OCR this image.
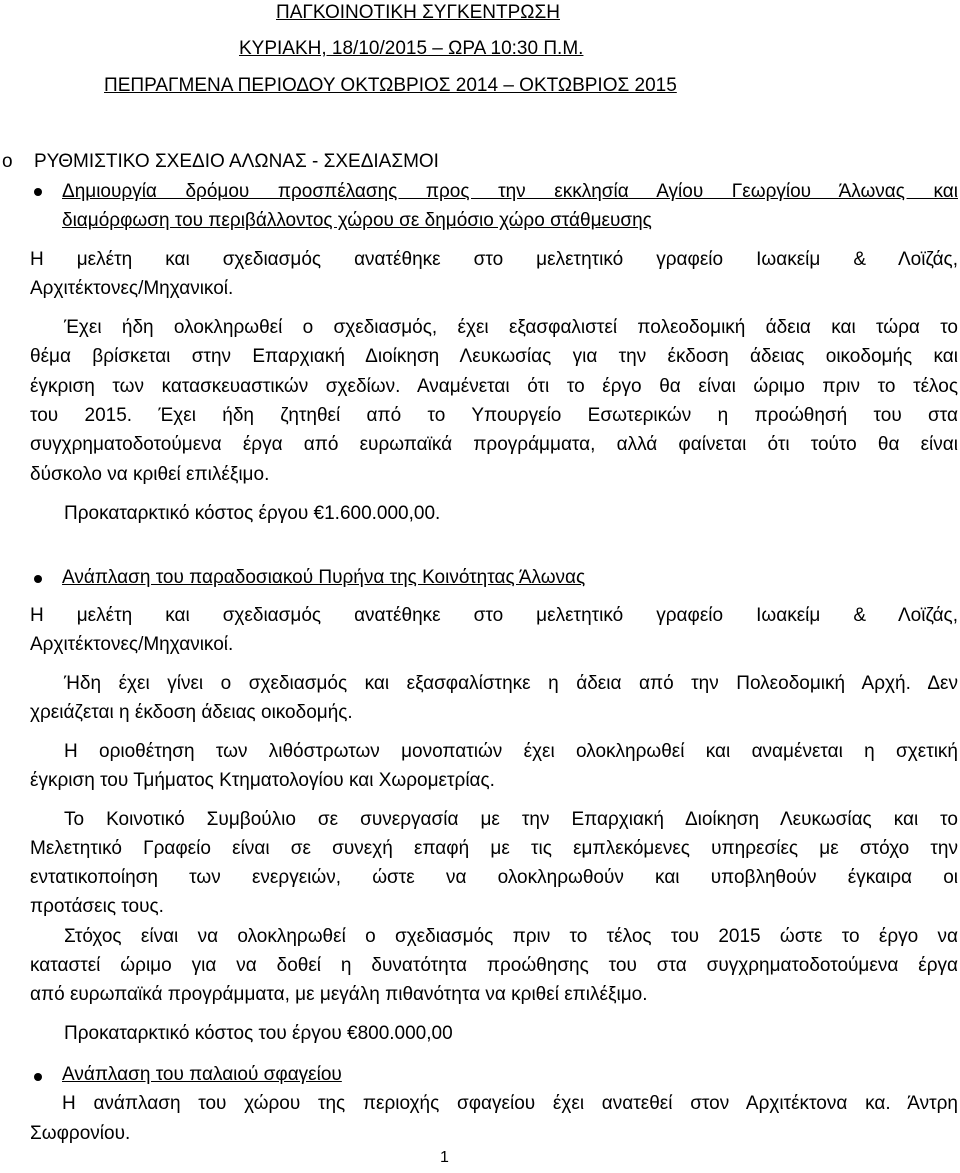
ΠΑΓΚΟΙΝΟΤΙΚΗ ΣΥΓΚΕΝΤΡΩΣΗ
ΚΥΡΙΑΚΗ, 18/10/2015 – ΩΡΑ 10:30 Π.Μ.
ΠΕΠΡΑΓΜΕΝΑ ΠΕΡΙΟΔΟΥ ΟΚΤΩΒΡΙΟΣ 2014 – ΟΚΤΩΒΡΙΟΣ 2015
o ΡΥΘΜΙΣΤΙΚΟ ΣΧΕΔΙΟ ΑΛΩΝΑΣ - ΣΧΕΔΙΑΣΜΟΙ
Δημιουργία δρόμου προσπέλασης προς την εκκλησία Αγίου Γεωργίου Άλωνας και
διαμόρφωση του περιβάλλοντος χώρου σε δημόσιο χώρο στάθμευσης
Η μελέτη και σχεδιασμός ανατέθηκε στο μελετητικό γραφείο Ιωακείμ & Λοϊζάς,
Αρχιτέκτονες/Μηχανικοί.
Έχει ήδη ολοκληρωθεί ο σχεδιασμός, έχει εξασφαλιστεί πολεοδομική άδεια και τώρα το
θέμα βρίσκεται στην Επαρχιακή Διοίκηση Λευκωσίας για την έκδοση άδειας οικοδομής και
έγκριση των κατασκευαστικών σχεδίων. Αναμένεται ότι το έργο θα είναι ώριμο πριν το τέλος
του 2015. Έχει ήδη ζητηθεί από το Υπουργείο Εσωτερικών η προώθησή του στα
συγχρηματοδοτούμενα έργα από ευρωπαϊκά προγράμματα, αλλά φαίνεται ότι τούτο θα είναι
δύσκολο να κριθεί επιλέξιμο.
Προκαταρκτικό κόστος έργου €1.600.000,00.
Ανάπλαση του παραδοσιακού Πυρήνα της Κοινότητας Άλωνας
Η μελέτη και σχεδιασμός ανατέθηκε στο μελετητικό γραφείο Ιωακείμ & Λοϊζάς,
Αρχιτέκτονες/Μηχανικοί.
Ήδη έχει γίνει ο σχεδιασμός και εξασφαλίστηκε η άδεια από την Πολεοδομική Αρχή. Δεν
χρειάζεται η έκδοση άδειας οικοδομής.
Η οριοθέτηση των λιθόστρωτων μονοπατιών έχει ολοκληρωθεί και αναμένεται η σχετική
έγκριση του Τμήματος Κτηματολογίου και Χωρομετρίας.
Το Κοινοτικό Συμβούλιο σε συνεργασία με την Επαρχιακή Διοίκηση Λευκωσίας και το
Μελετητικό Γραφείο είναι σε συνεχή επαφή με τις εμπλεκόμενες υπηρεσίες με στόχο την
εντατικοποίηση των ενεργειών, ώστε να ολοκληρωθούν και υποβληθούν έγκαιρα οι
προτάσεις τους.
Στόχος είναι να ολοκληρωθεί ο σχεδιασμός πριν το τέλος του 2015 ώστε το έργο να
καταστεί ώριμο για να δοθεί η δυνατότητα προώθησης του στα συγχρηματοδοτούμενα έργα
από ευρωπαϊκά προγράμματα, με μεγάλη πιθανότητα να κριθεί επιλέξιμο.
Προκαταρκτικό κόστος του έργου €800.000,00
Ανάπλαση του παλαιού σφαγείου
Η ανάπλαση του χώρου της περιοχής σφαγείου έχει ανατεθεί στον Αρχιτέκτονα κα. Άντρη
Σωφρονίου.
1
